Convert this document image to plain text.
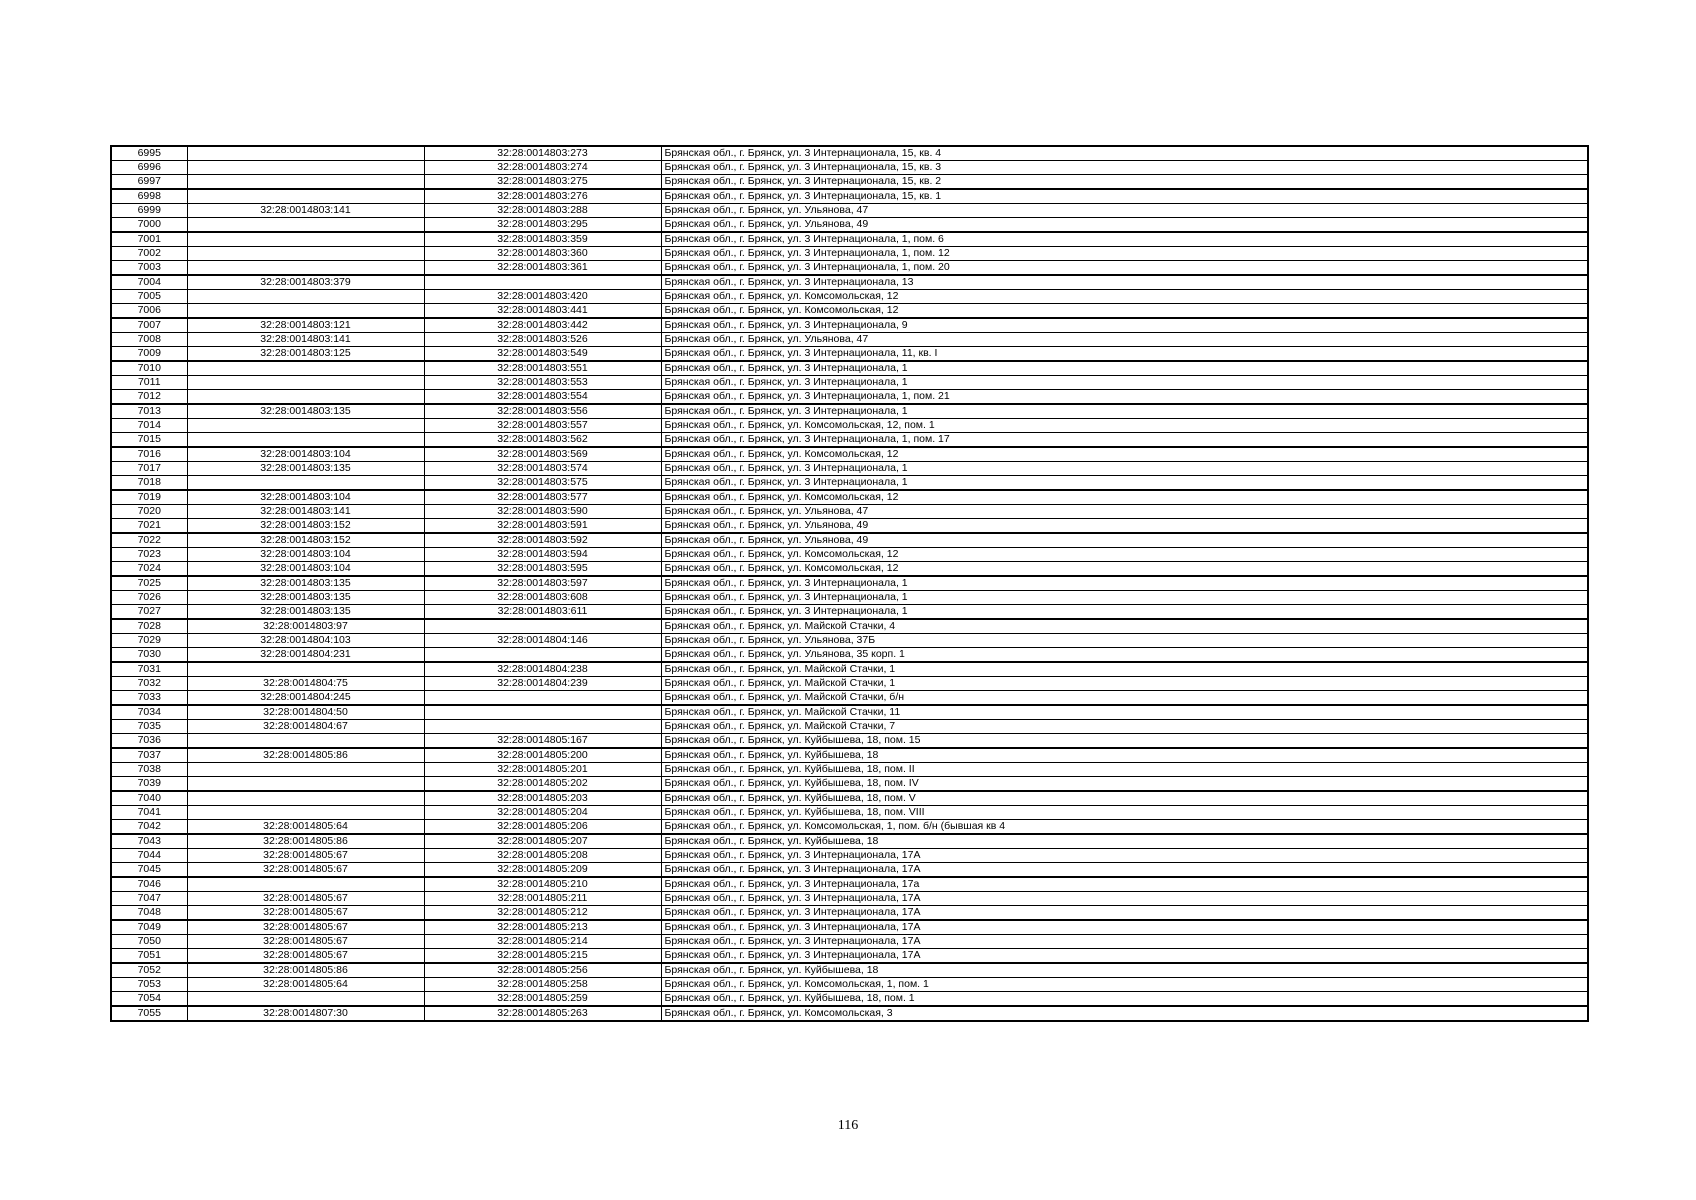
6995		32:28:0014803:273	Брянская обл., г. Брянск, ул. 3 Интернационала, 15, кв. 4
6996		32:28:0014803:274	Брянская обл., г. Брянск, ул. 3 Интернационала, 15, кв. 3
6997		32:28:0014803:275	Брянская обл., г. Брянск, ул. 3 Интернационала, 15, кв. 2
6998		32:28:0014803:276	Брянская обл., г. Брянск, ул. 3 Интернационала, 15, кв. 1
6999	32:28:0014803:141	32:28:0014803:288	Брянская обл., г. Брянск, ул. Ульянова, 47
7000		32:28:0014803:295	Брянская обл., г. Брянск, ул. Ульянова, 49
7001		32:28:0014803:359	Брянская обл., г. Брянск, ул. 3 Интернационала, 1, пом. 6
7002		32:28:0014803:360	Брянская обл., г. Брянск, ул. 3 Интернационала, 1, пом. 12
7003		32:28:0014803:361	Брянская обл., г. Брянск, ул. 3 Интернационала, 1, пом. 20
7004	32:28:0014803:379		Брянская обл., г. Брянск, ул. 3 Интернационала, 13
7005		32:28:0014803:420	Брянская обл., г. Брянск, ул. Комсомольская, 12
7006		32:28:0014803:441	Брянская обл., г. Брянск, ул. Комсомольская, 12
7007	32:28:0014803:121	32:28:0014803:442	Брянская обл., г. Брянск, ул. 3 Интернационала, 9
7008	32:28:0014803:141	32:28:0014803:526	Брянская обл., г. Брянск, ул. Ульянова, 47
7009	32:28:0014803:125	32:28:0014803:549	Брянская обл., г. Брянск, ул. 3 Интернационала, 11, кв. I
7010		32:28:0014803:551	Брянская обл., г. Брянск, ул. 3 Интернационала, 1
7011		32:28:0014803:553	Брянская обл., г. Брянск, ул. 3 Интернационала, 1
7012		32:28:0014803:554	Брянская обл., г. Брянск, ул. 3 Интернационала, 1, пом. 21
7013	32:28:0014803:135	32:28:0014803:556	Брянская обл., г. Брянск, ул. 3 Интернационала, 1
7014		32:28:0014803:557	Брянская обл., г. Брянск, ул. Комсомольская, 12, пом. 1
7015		32:28:0014803:562	Брянская обл., г. Брянск, ул. 3 Интернационала, 1, пом. 17
7016	32:28:0014803:104	32:28:0014803:569	Брянская обл., г. Брянск, ул. Комсомольская, 12
7017	32:28:0014803:135	32:28:0014803:574	Брянская обл., г. Брянск, ул. 3 Интернационала, 1
7018		32:28:0014803:575	Брянская обл., г. Брянск, ул. 3 Интернационала, 1
7019	32:28:0014803:104	32:28:0014803:577	Брянская обл., г. Брянск, ул. Комсомольская, 12
7020	32:28:0014803:141	32:28:0014803:590	Брянская обл., г. Брянск, ул. Ульянова, 47
7021	32:28:0014803:152	32:28:0014803:591	Брянская обл., г. Брянск, ул. Ульянова, 49
7022	32:28:0014803:152	32:28:0014803:592	Брянская обл., г. Брянск, ул. Ульянова, 49
7023	32:28:0014803:104	32:28:0014803:594	Брянская обл., г. Брянск, ул. Комсомольская, 12
7024	32:28:0014803:104	32:28:0014803:595	Брянская обл., г. Брянск, ул. Комсомольская, 12
7025	32:28:0014803:135	32:28:0014803:597	Брянская обл., г. Брянск, ул. 3 Интернационала, 1
7026	32:28:0014803:135	32:28:0014803:608	Брянская обл., г. Брянск, ул. 3 Интернационала, 1
7027	32:28:0014803:135	32:28:0014803:611	Брянская обл., г. Брянск, ул. 3 Интернационала, 1
7028	32:28:0014803:97		Брянская обл., г. Брянск, ул. Майской Стачки, 4
7029	32:28:0014804:103	32:28:0014804:146	Брянская обл., г. Брянск, ул. Ульянова, 37Б
7030	32:28:0014804:231		Брянская обл., г. Брянск, ул. Ульянова, 35 корп. 1
7031		32:28:0014804:238	Брянская обл., г. Брянск, ул. Майской Стачки, 1
7032	32:28:0014804:75	32:28:0014804:239	Брянская обл., г. Брянск, ул. Майской Стачки, 1
7033	32:28:0014804:245		Брянская обл., г. Брянск, ул. Майской Стачки, б/н
7034	32:28:0014804:50		Брянская обл., г. Брянск, ул. Майской Стачки, 11
7035	32:28:0014804:67		Брянская обл., г. Брянск, ул. Майской Стачки, 7
7036		32:28:0014805:167	Брянская обл., г. Брянск, ул. Куйбышева, 18, пом. 15
7037	32:28:0014805:86	32:28:0014805:200	Брянская обл., г. Брянск, ул. Куйбышева, 18
7038		32:28:0014805:201	Брянская обл., г. Брянск, ул. Куйбышева, 18, пом. II
7039		32:28:0014805:202	Брянская обл., г. Брянск, ул. Куйбышева, 18, пом. IV
7040		32:28:0014805:203	Брянская обл., г. Брянск, ул. Куйбышева, 18, пом. V
7041		32:28:0014805:204	Брянская обл., г. Брянск, ул. Куйбышева, 18, пом. VIII
7042	32:28:0014805:64	32:28:0014805:206	Брянская обл., г. Брянск, ул. Комсомольская, 1, пом. б/н (бывшая кв 4
7043	32:28:0014805:86	32:28:0014805:207	Брянская обл., г. Брянск, ул. Куйбышева, 18
7044	32:28:0014805:67	32:28:0014805:208	Брянская обл., г. Брянск, ул. 3 Интернационала, 17А
7045	32:28:0014805:67	32:28:0014805:209	Брянская обл., г. Брянск, ул. 3 Интернационала, 17А
7046		32:28:0014805:210	Брянская обл., г. Брянск, ул. 3 Интернационала, 17а
7047	32:28:0014805:67	32:28:0014805:211	Брянская обл., г. Брянск, ул. 3 Интернационала, 17А
7048	32:28:0014805:67	32:28:0014805:212	Брянская обл., г. Брянск, ул. 3 Интернационала, 17А
7049	32:28:0014805:67	32:28:0014805:213	Брянская обл., г. Брянск, ул. 3 Интернационала, 17А
7050	32:28:0014805:67	32:28:0014805:214	Брянская обл., г. Брянск, ул. 3 Интернационала, 17А
7051	32:28:0014805:67	32:28:0014805:215	Брянская обл., г. Брянск, ул. 3 Интернационала, 17А
7052	32:28:0014805:86	32:28:0014805:256	Брянская обл., г. Брянск, ул. Куйбышева, 18
7053	32:28:0014805:64	32:28:0014805:258	Брянская обл., г. Брянск, ул. Комсомольская, 1, пом. 1
7054		32:28:0014805:259	Брянская обл., г. Брянск, ул. Куйбышева, 18, пом. 1
7055	32:28:0014807:30	32:28:0014805:263	Брянская обл., г. Брянск, ул. Комсомольская, 3
116
